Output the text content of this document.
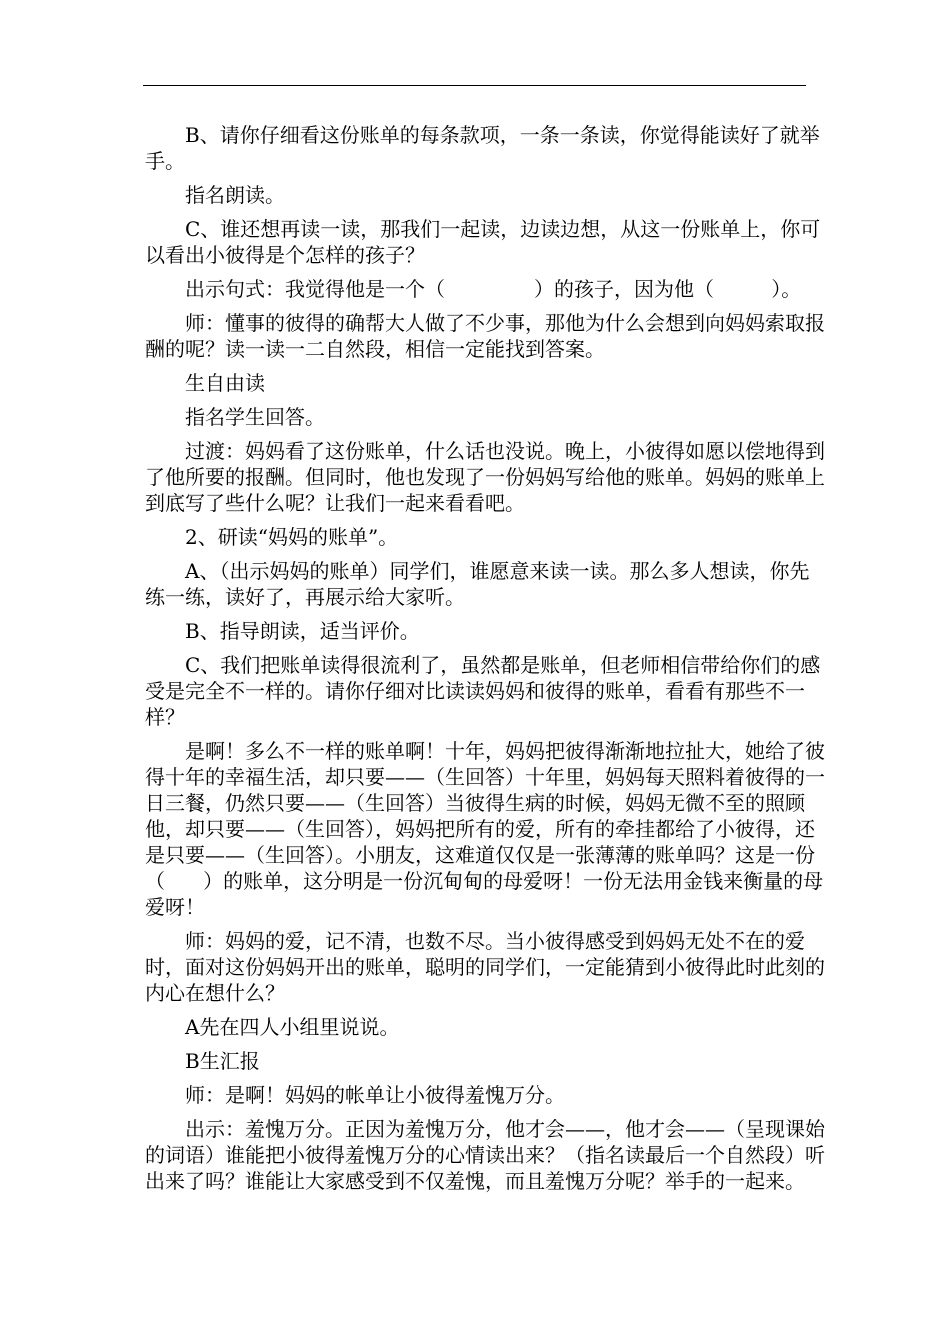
B、请你仔细看这份账单的每条款项，一条一条读，你觉得能读好了就举手。

指名朗读。

C、谁还想再读一读，那我们一起读，边读边想，从这一份账单上，你可以看出小彼得是个怎样的孩子？

出示句式：我觉得他是一个（              ）的孩子，因为他（         ）。

师：懂事的彼得的确帮大人做了不少事，那他为什么会想到向妈妈索取报酬的呢？读一读一二自然段，相信一定能找到答案。

生自由读

指名学生回答。

过渡：妈妈看了这份账单，什么话也没说。晚上，小彼得如愿以偿地得到了他所要的报酬。但同时，他也发现了一份妈妈写给他的账单。妈妈的账单上到底写了些什么呢？让我们一起来看看吧。

2、研读“妈妈的账单”。

A、（出示妈妈的账单）同学们，谁愿意来读一读。那么多人想读，你先练一练，读好了，再展示给大家听。

B、指导朗读，适当评价。

C、我们把账单读得很流利了，虽然都是账单，但老师相信带给你们的感受是完全不一样的。请你仔细对比读读妈妈和彼得的账单，看看有那些不一样？

是啊！多么不一样的账单啊！十年，妈妈把彼得渐渐地拉扯大，她给了彼得十年的幸福生活，却只要——（生回答）十年里，妈妈每天照料着彼得的一日三餐，仍然只要——（生回答）当彼得生病的时候，妈妈无微不至的照顾他，却只要——（生回答），妈妈把所有的爱，所有的牵挂都给了小彼得，还是只要——（生回答）。小朋友，这难道仅仅是一张薄薄的账单吗？这是一份（      ）的账单，这分明是一份沉甸甸的母爱呀！一份无法用金钱来衡量的母爱呀！

师：妈妈的爱，记不清，也数不尽。当小彼得感受到妈妈无处不在的爱时，面对这份妈妈开出的账单，聪明的同学们，一定能猜到小彼得此时此刻的内心在想什么？

A先在四人小组里说说。

B生汇报

师：是啊！妈妈的帐单让小彼得羞愧万分。

出示：羞愧万分。正因为羞愧万分，他才会——，他才会——（呈现课始的词语）谁能把小彼得羞愧万分的心情读出来？（指名读最后一个自然段）听出来了吗？谁能让大家感受到不仅羞愧，而且羞愧万分呢？举手的一起来。
